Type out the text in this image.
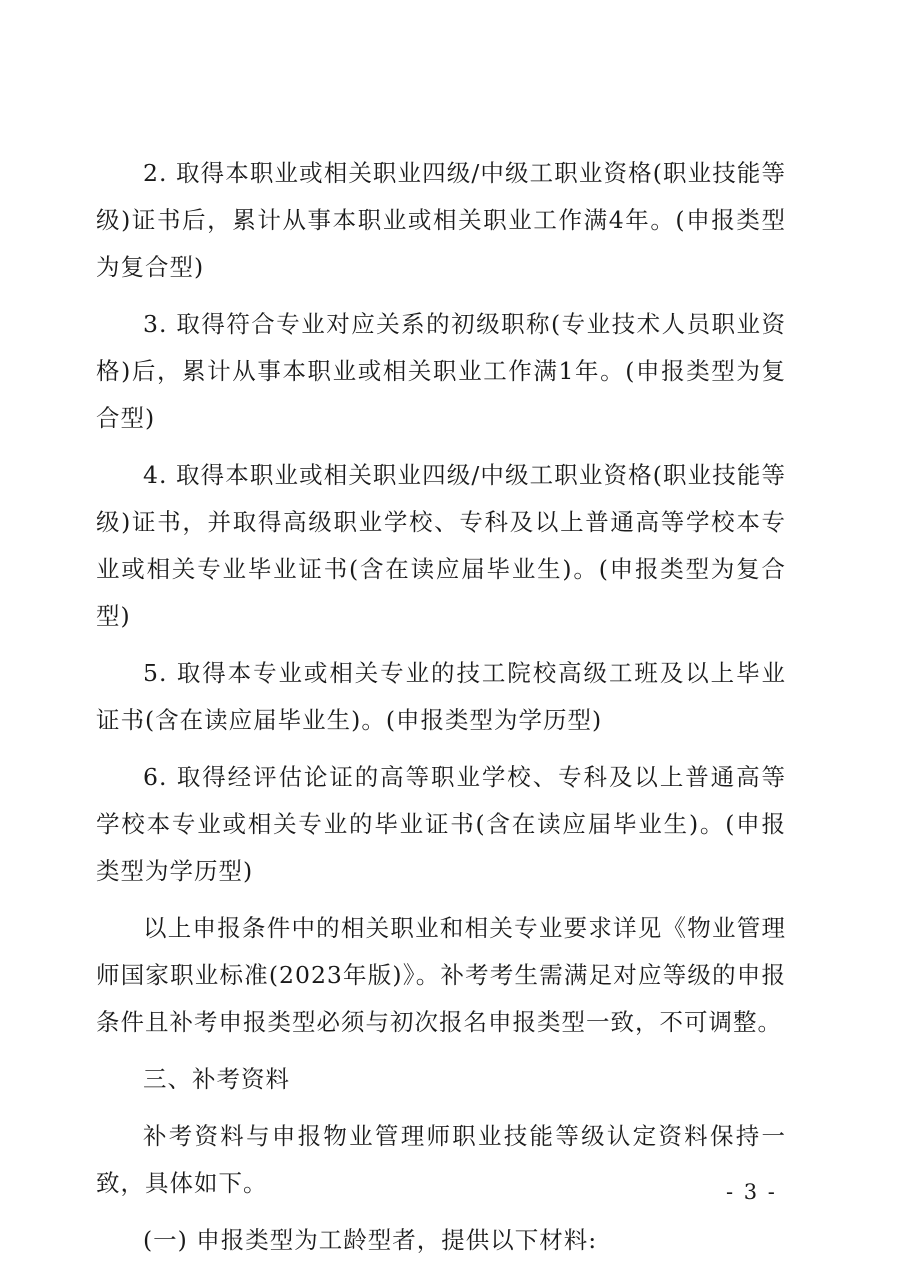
2. 取得本职业或相关职业四级/中级工职业资格(职业技能等级)证书后，累计从事本职业或相关职业工作满4年。(申报类型为复合型)

3. 取得符合专业对应关系的初级职称(专业技术人员职业资格)后，累计从事本职业或相关职业工作满1年。(申报类型为复合型)

4. 取得本职业或相关职业四级/中级工职业资格(职业技能等级)证书，并取得高级职业学校、专科及以上普通高等学校本专业或相关专业毕业证书(含在读应届毕业生)。(申报类型为复合型)

5. 取得本专业或相关专业的技工院校高级工班及以上毕业证书(含在读应届毕业生)。(申报类型为学历型)

6. 取得经评估论证的高等职业学校、专科及以上普通高等学校本专业或相关专业的毕业证书(含在读应届毕业生)。(申报类型为学历型)

以上申报条件中的相关职业和相关专业要求详见《物业管理师国家职业标准(2023年版)》。补考考生需满足对应等级的申报条件且补考申报类型必须与初次报名申报类型一致，不可调整。

三、补考资料

补考资料与申报物业管理师职业技能等级认定资料保持一致，具体如下。

(一) 申报类型为工龄型者，提供以下材料:

- 3 -
